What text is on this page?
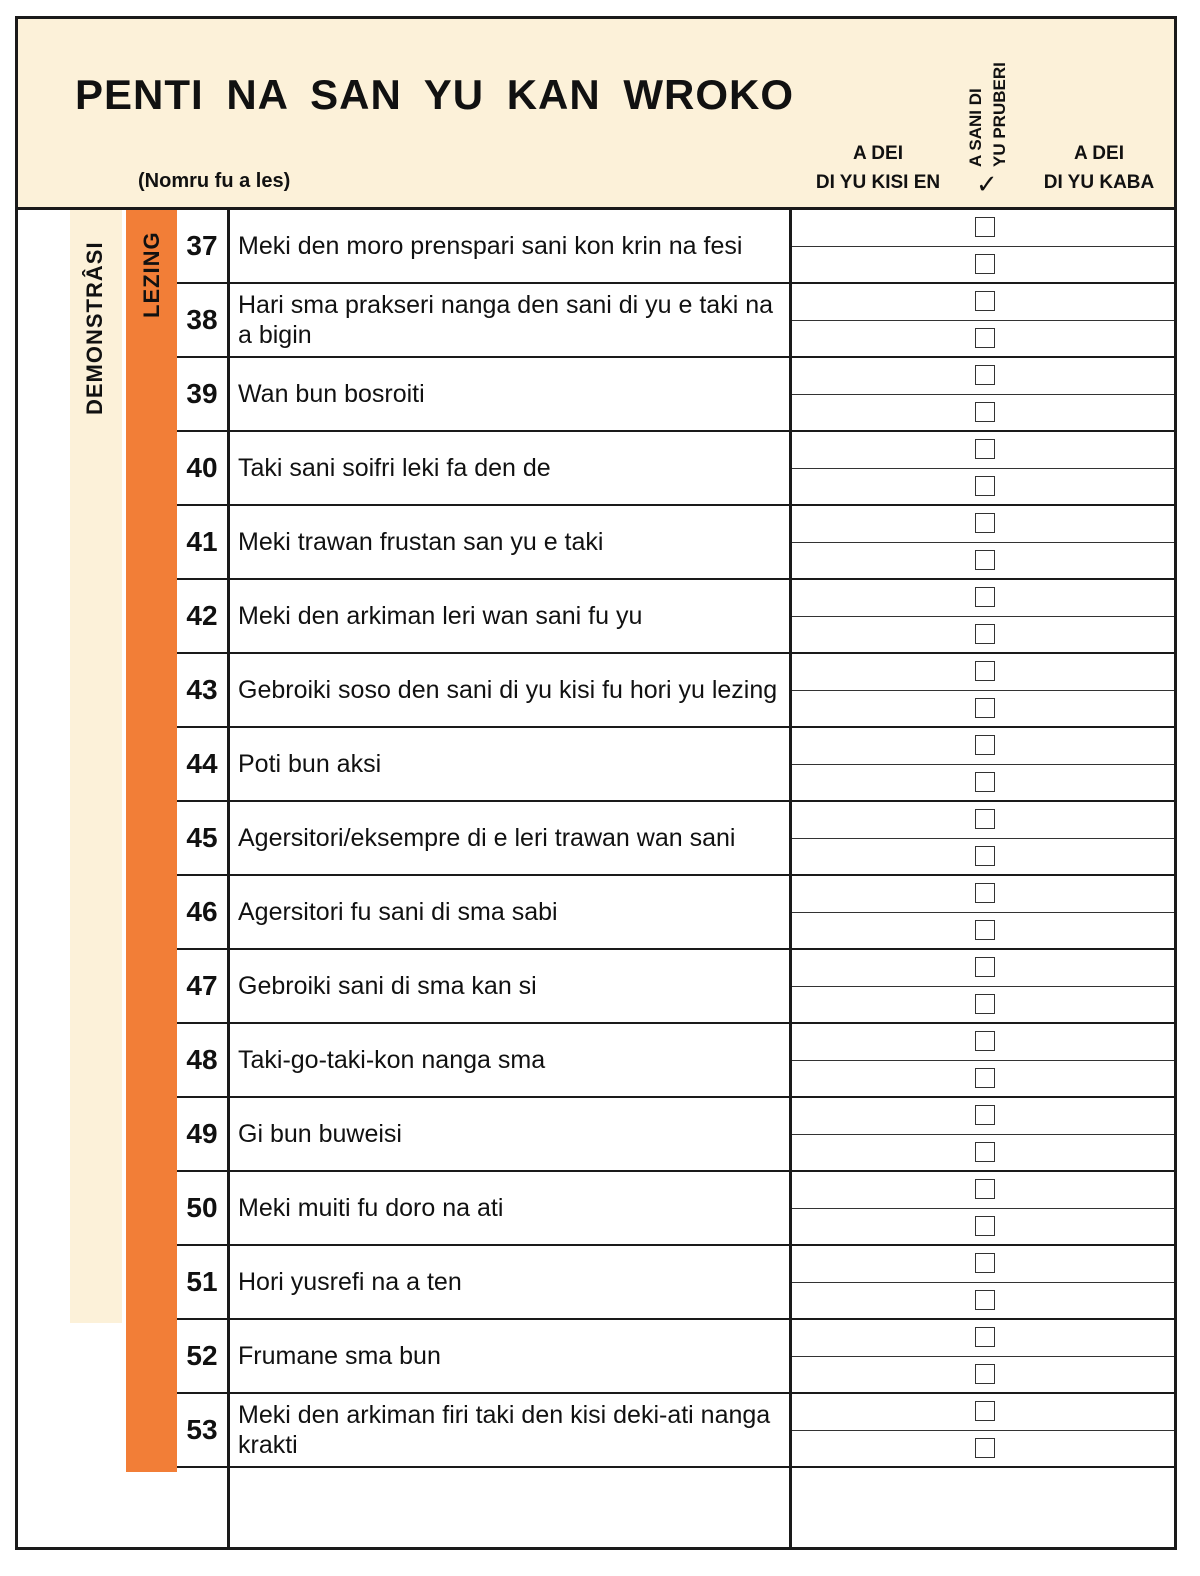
PENTI NA SAN YU KAN WROKO
(Nomru fu a les)
A DEI
DI YU KISI EN
A SANI DI YU PRUBERI
✓
A DEI
DI YU KABA
DEMONSTRÂSI LEZING 37 Meki den moro prenspari sani kon krin na fesi
38 Hari sma prakseri nanga den sani di yu e taki na a bigin
39 Wan bun bosroiti
40 Taki sani soifri leki fa den de
41 Meki trawan frustan san yu e taki
42 Meki den arkiman leri wan sani fu yu
43 Gebroiki soso den sani di yu kisi fu hori yu lezing
44 Poti bun aksi
45 Agersitori/eksempre di e leri trawan wan sani
46 Agersitori fu sani di sma sabi
47 Gebroiki sani di sma kan si
48 Taki-go-taki-kon nanga sma
49 Gi bun buweisi
50 Meki muiti fu doro na ati
51 Hori yusrefi na a ten
52 Frumane sma bun
53 Meki den arkiman firi taki den kisi deki-ati nanga krakti
